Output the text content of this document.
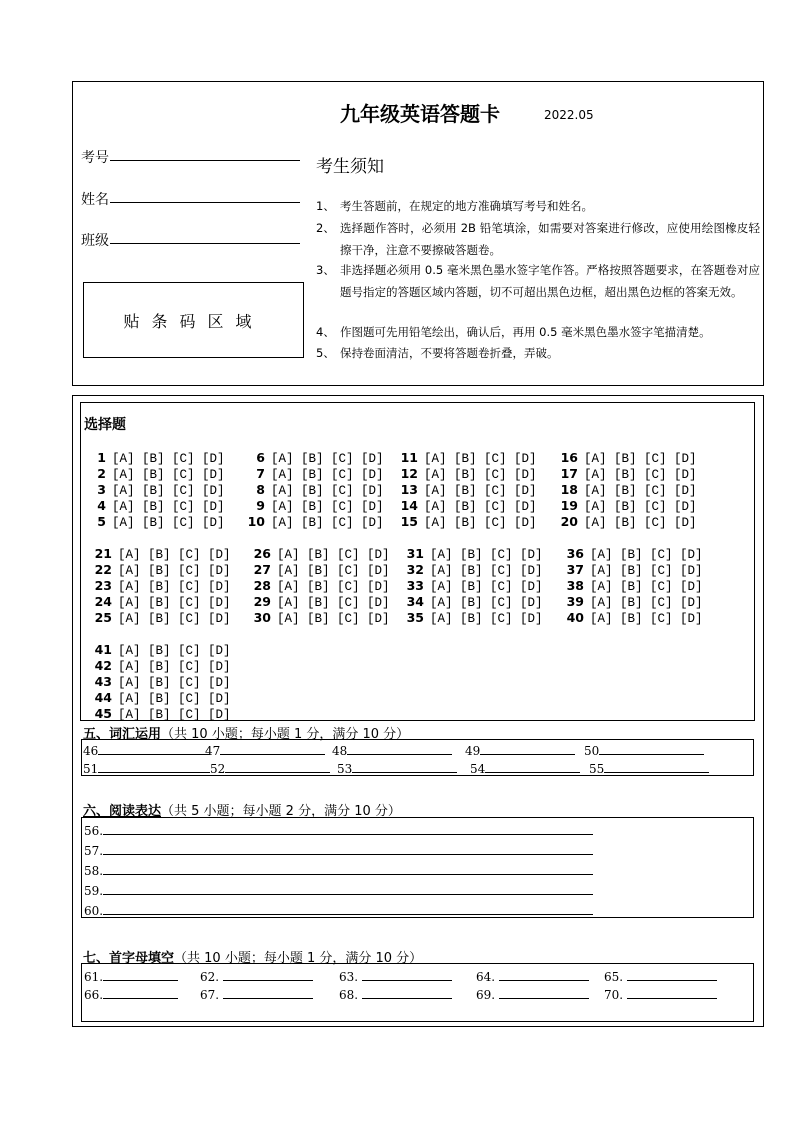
九年级英语答题卡	2022.05
考号
姓名
班级
贴条码区域
考生须知
1、 考生答题前，在规定的地方准确填写考号和姓名。
2、 选择题作答时，必须用 2B 铅笔填涂，如需要对答案进行修改，应使用绘图橡皮轻擦干净，注意不要擦破答题卷。
3、 非选择题必须用 0.5 毫米黑色墨水签字笔作答。严格按照答题要求，在答题卷对应题号指定的答题区域内答题，切不可超出黑色边框，超出黑色边框的答案无效。
4、 作图题可先用铅笔绘出，确认后，再用 0.5 毫米黑色墨水签字笔描清楚。
5、 保持卷面清洁，不要将答题卷折叠，弄破。
选择题
1 [A] [B] [C] [D]
2 [A] [B] [C] [D]
3 [A] [B] [C] [D]
4 [A] [B] [C] [D]
5 [A] [B] [C] [D]
6 [A] [B] [C] [D]
7 [A] [B] [C] [D]
8 [A] [B] [C] [D]
9 [A] [B] [C] [D]
10 [A] [B] [C] [D]
11 [A] [B] [C] [D]
12 [A] [B] [C] [D]
13 [A] [B] [C] [D]
14 [A] [B] [C] [D]
15 [A] [B] [C] [D]
16 [A] [B] [C] [D]
17 [A] [B] [C] [D]
18 [A] [B] [C] [D]
19 [A] [B] [C] [D]
20 [A] [B] [C] [D]
21 [A] [B] [C] [D]
22 [A] [B] [C] [D]
23 [A] [B] [C] [D]
24 [A] [B] [C] [D]
25 [A] [B] [C] [D]
26 [A] [B] [C] [D]
27 [A] [B] [C] [D]
28 [A] [B] [C] [D]
29 [A] [B] [C] [D]
30 [A] [B] [C] [D]
31 [A] [B] [C] [D]
32 [A] [B] [C] [D]
33 [A] [B] [C] [D]
34 [A] [B] [C] [D]
35 [A] [B] [C] [D]
36 [A] [B] [C] [D]
37 [A] [B] [C] [D]
38 [A] [B] [C] [D]
39 [A] [B] [C] [D]
40 [A] [B] [C] [D]
41 [A] [B] [C] [D]
42 [A] [B] [C] [D]
43 [A] [B] [C] [D]
44 [A] [B] [C] [D]
45 [A] [B] [C] [D]
五、词汇运用（共 10 小题；每小题 1 分，满分 10 分）
46	47	48	49	50
51	52	53	54	55
六、阅读表达（共 5 小题；每小题 2 分，满分 10 分）
56.
57.
58.
59.
60.
七、首字母填空（共 10 小题；每小题 1 分，满分 10 分）
61.	62.	63.	64.	65.
66.	67.	68.	69.	70.
